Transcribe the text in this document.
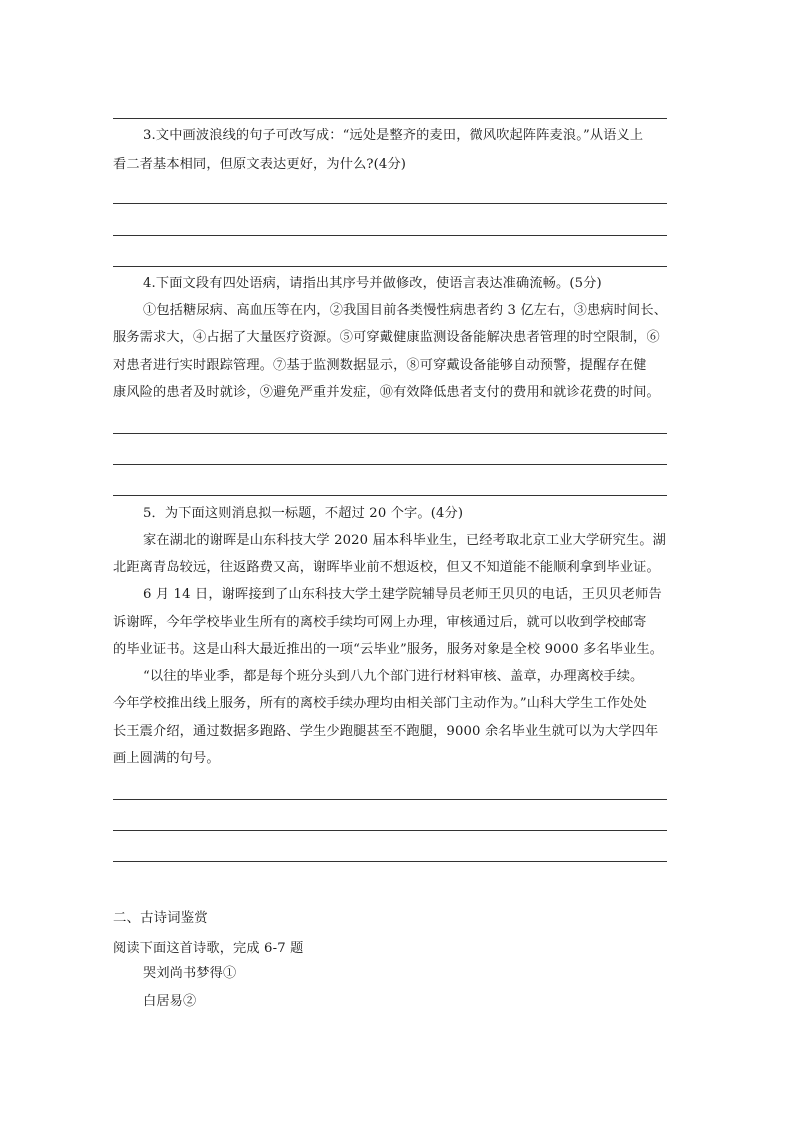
3.文中画波浪线的句子可改写成：“远处是整齐的麦田，微风吹起阵阵麦浪。”从语义上
看二者基本相同，但原文表达更好，为什么?(4分)
4.下面文段有四处语病，请指出其序号并做修改，使语言表达准确流畅。(5分)
①包括糖尿病、高血压等在内，②我国目前各类慢性病患者约 3 亿左右，③患病时间长、
服务需求大，④占据了大量医疗资源。⑤可穿戴健康监测设备能解决患者管理的时空限制，⑥
对患者进行实时跟踪管理。⑦基于监测数据显示，⑧可穿戴设备能够自动预警，提醒存在健
康风险的患者及时就诊，⑨避免严重并发症，⑩有效降低患者支付的费用和就诊花费的时间。
5．为下面这则消息拟一标题，不超过 20 个字。(4分)
家在湖北的谢晖是山东科技大学 2020 届本科毕业生，已经考取北京工业大学研究生。湖
北距离青岛较远，往返路费又高，谢晖毕业前不想返校，但又不知道能不能顺利拿到毕业证。
6 月 14 日，谢晖接到了山东科技大学土建学院辅导员老师王贝贝的电话，王贝贝老师告
诉谢晖，今年学校毕业生所有的离校手续均可网上办理，审核通过后，就可以收到学校邮寄
的毕业证书。这是山科大最近推出的一项“云毕业”服务，服务对象是全校 9000 多名毕业生。
“以往的毕业季，都是每个班分头到八九个部门进行材料审核、盖章，办理离校手续。
今年学校推出线上服务，所有的离校手续办理均由相关部门主动作为。”山科大学生工作处处
长王震介绍，通过数据多跑路、学生少跑腿甚至不跑腿，9000 余名毕业生就可以为大学四年
画上圆满的句号。
二、古诗词鉴赏
阅读下面这首诗歌，完成 6-7 题
哭刘尚书梦得①
白居易②
